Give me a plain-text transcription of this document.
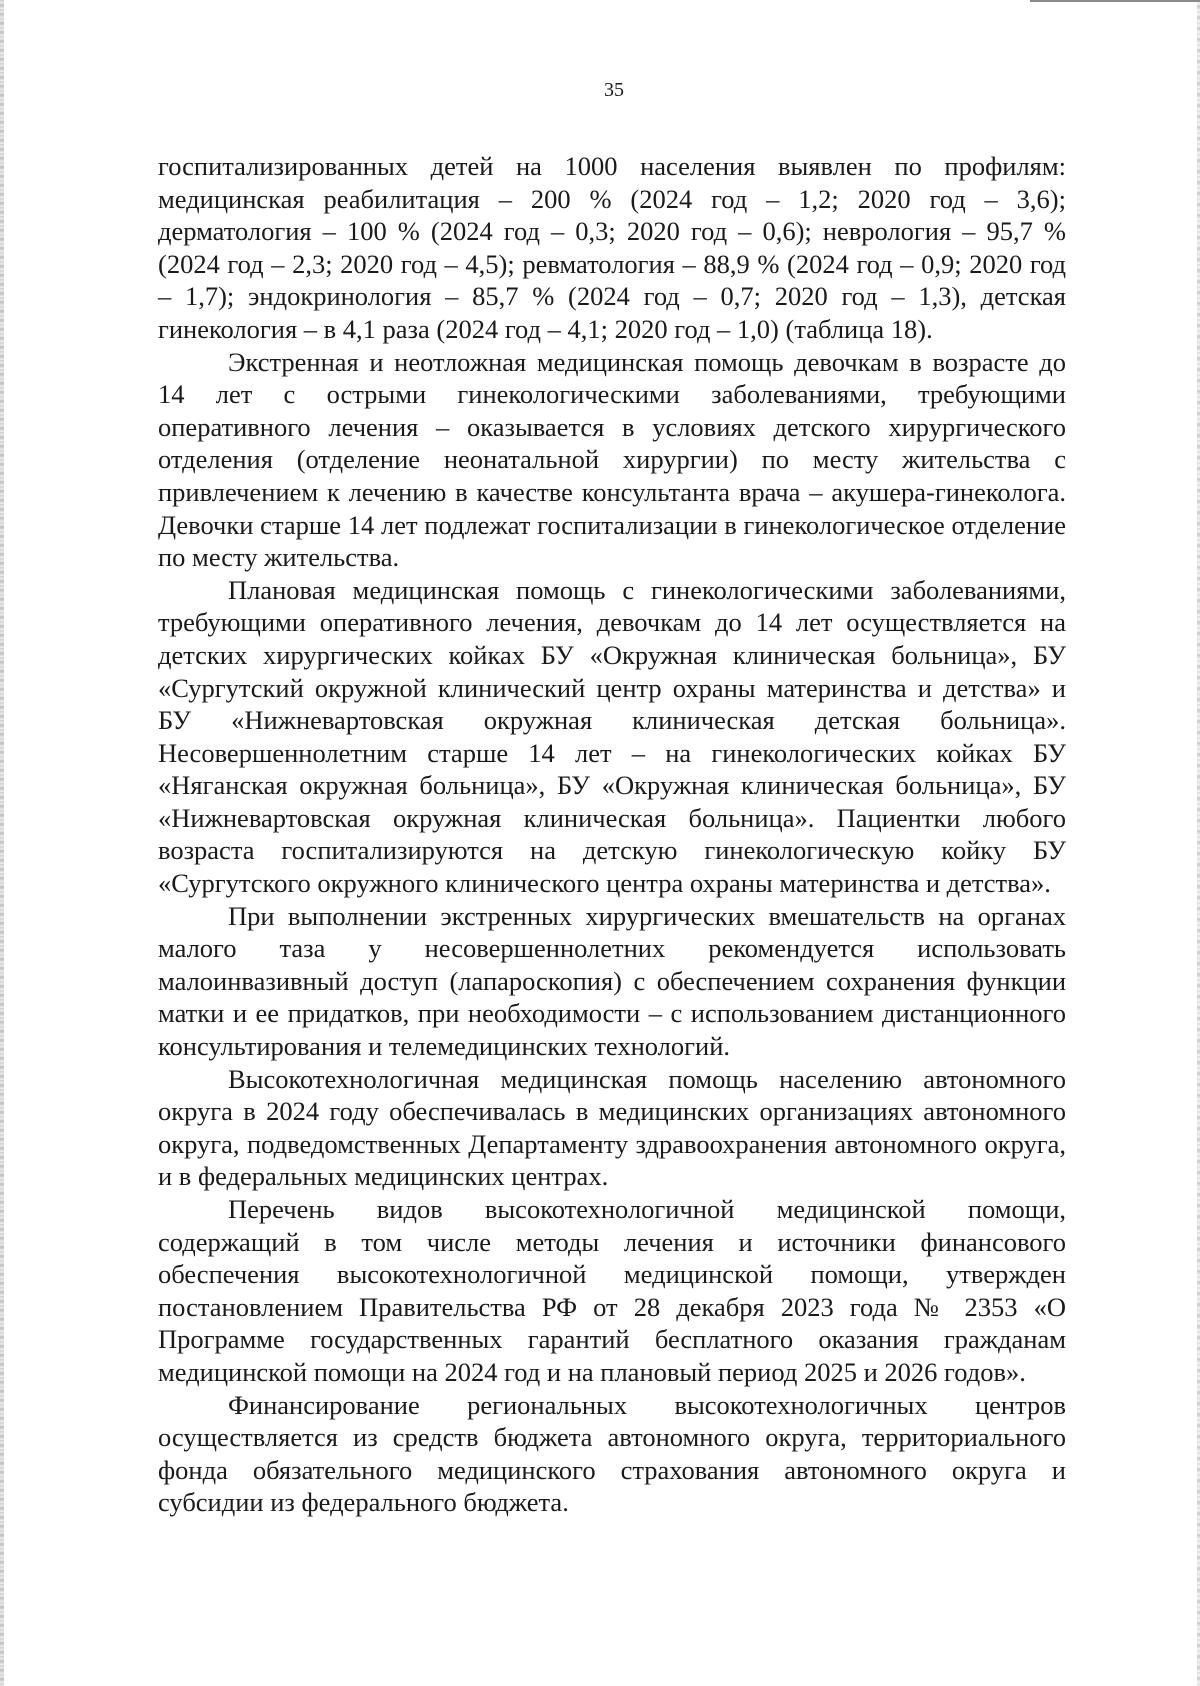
35

госпитализированных детей на 1000 населения выявлен по профилям: медицинская реабилитация – 200 % (2024 год – 1,2; 2020 год – 3,6); дерматология – 100 % (2024 год – 0,3; 2020 год – 0,6); неврология – 95,7 % (2024 год – 2,3; 2020 год – 4,5); ревматология – 88,9 % (2024 год – 0,9; 2020 год – 1,7); эндокринология – 85,7 % (2024 год – 0,7; 2020 год – 1,3), детская гинекология – в 4,1 раза (2024 год – 4,1; 2020 год – 1,0) (таблица 18).

Экстренная и неотложная медицинская помощь девочкам в возрасте до 14 лет с острыми гинекологическими заболеваниями, требующими оперативного лечения – оказывается в условиях детского хирургического отделения (отделение неонатальной хирургии) по месту жительства с привлечением к лечению в качестве консультанта врача – акушера-гинеколога. Девочки старше 14 лет подлежат госпитализации в гинекологическое отделение по месту жительства.

Плановая медицинская помощь с гинекологическими заболеваниями, требующими оперативного лечения, девочкам до 14 лет осуществляется на детских хирургических койках БУ «Окружная клиническая больница», БУ «Сургутский окружной клинический центр охраны материнства и детства» и БУ «Нижневартовская окружная клиническая детская больница». Несовершеннолетним старше 14 лет – на гинекологических койках БУ «Няганская окружная больница», БУ «Окружная клиническая больница», БУ «Нижневартовская окружная клиническая больница». Пациентки любого возраста госпитализируются на детскую гинекологическую койку БУ «Сургутского окружного клинического центра охраны материнства и детства».

При выполнении экстренных хирургических вмешательств на органах малого таза у несовершеннолетних рекомендуется использовать малоинвазивный доступ (лапароскопия) с обеспечением сохранения функции матки и ее придатков, при необходимости – с использованием дистанционного консультирования и телемедицинских технологий.

Высокотехнологичная медицинская помощь населению автономного округа в 2024 году обеспечивалась в медицинских организациях автономного округа, подведомственных Департаменту здравоохранения автономного округа, и в федеральных медицинских центрах.

Перечень видов высокотехнологичной медицинской помощи, содержащий в том числе методы лечения и источники финансового обеспечения высокотехнологичной медицинской помощи, утвержден постановлением Правительства РФ от 28 декабря 2023 года № 2353 «О Программе государственных гарантий бесплатного оказания гражданам медицинской помощи на 2024 год и на плановый период 2025 и 2026 годов».

Финансирование региональных высокотехнологичных центров осуществляется из средств бюджета автономного округа, территориального фонда обязательного медицинского страхования автономного округа и субсидии из федерального бюджета.
